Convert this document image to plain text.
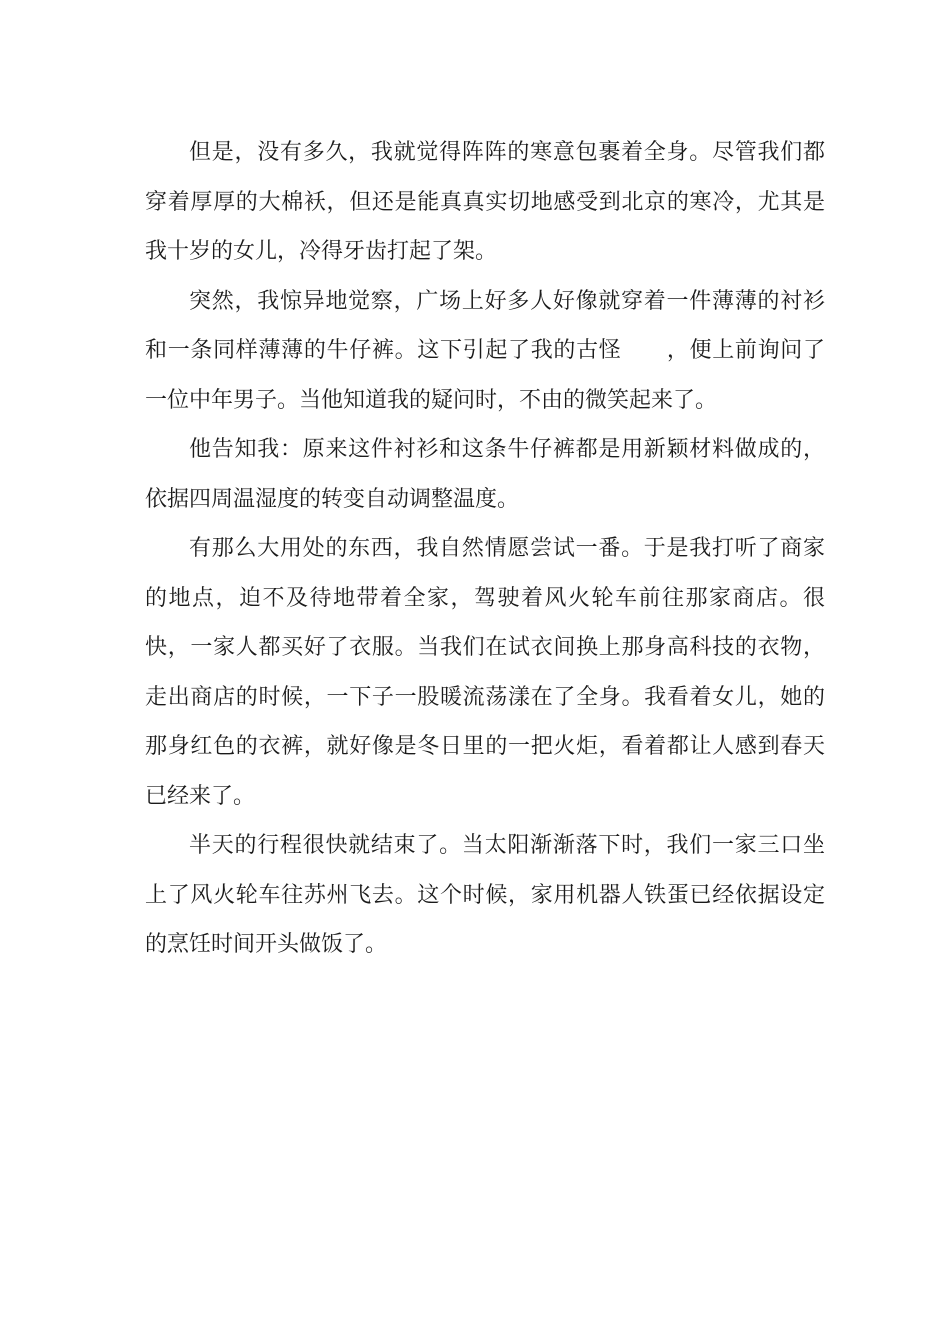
但是，没有多久，我就觉得阵阵的寒意包裹着全身。尽管我们都穿着厚厚的大棉袄，但还是能真真实切地感受到北京的寒冷，尤其是我十岁的女儿，冷得牙齿打起了架。

突然，我惊异地觉察，广场上好多人好像就穿着一件薄薄的衬衫和一条同样薄薄的牛仔裤。这下引起了我的古怪　　，便上前询问了一位中年男子。当他知道我的疑问时，不由的微笑起来了。

他告知我：原来这件衬衫和这条牛仔裤都是用新颖材料做成的，依据四周温湿度的转变自动调整温度。

有那么大用处的东西，我自然情愿尝试一番。于是我打听了商家的地点，迫不及待地带着全家，驾驶着风火轮车前往那家商店。很快，一家人都买好了衣服。当我们在试衣间换上那身高科技的衣物，走出商店的时候，一下子一股暖流荡漾在了全身。我看着女儿，她的那身红色的衣裤，就好像是冬日里的一把火炬，看着都让人感到春天已经来了。

半天的行程很快就结束了。当太阳渐渐落下时，我们一家三口坐上了风火轮车往苏州飞去。这个时候，家用机器人铁蛋已经依据设定的烹饪时间开头做饭了。
